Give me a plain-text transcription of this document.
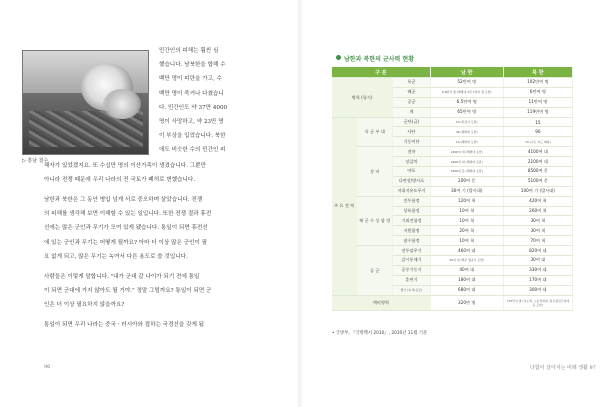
▷ 흥남 철수
민간인의 피해는 훨씬 심
했습니다. 남북한을 합해 수
백만 명이 피란을 가고, 수
백만 명이 죽거나 다쳤습니
다. 민간인도 약 37만 4000
명이 사망하고, 약 23만 명
이 부상을 입었습니다. 북한
에도 비슷한 수의 민간인 피
해자가 있었겠지요. 또 수십만 명의 이산가족이 생겼습니다. 그뿐만
아니라 전쟁 때문에 우리 나라의 전 국토가 폐허로 변했습니다.
남한과 북한은 그 동안 병입 넘게 서로 중오하며 살았습니다. 전쟁
의 피해를 생각해 보면 이해할 수 있는 일입니다. 또한 전쟁 결과 휴전
선에는 많은 군인과 무기가 모여 있게 됐습니다. 통일이 되면 휴전선
에 있는 군인과 무기는 어떻게 될까요? 아마 더 이상 많은 군인이 필
요 없게 되고, 많은 무기는 녹여서 다른 용도로 쓸 것입니다.
사람들은 이렇게 말합니다. "내가 군대 갈 나이가 되기 전에 통일
이 되면 군대에 가지 않아도 될 거야." 정말 그럴까요? 통일이 되면 군
인은 더 이상 필요하지 않을까요?
통일이 되면 우리 나라는 중국 · 러시아와 접하는 국경선을 갖게 됩
96
남한과 북한의 군사력 현황
구 분			남 한	북 한
병력 (평시)		육군	52만여 명	102만여 명
		해군	6.8만여 명 (해병대 2만 7천여 명 포함)	6만여 명
		공군	6.5만여 명	11만여 명
		계	65만여 명	119만여 명
주 요 전 력	육 군 부 대	군단(급)	10 (특전사 포함)	15
		사단	46 (해병대 포함)	90
		기동여단	14 (해병대 포함)	70 (교도 지도 제외)
	장 비	전차	2400여 대 (해병대 포함)	4100여 대
		장갑차	2600여 대 (해병대 포함)	2100여 대
		야포	5200여 문 (해병대 포함)	8500여 문
		다련장/방사포	200여 문	5100여 문
		지대지유도무기	30여 기 (발사대)	100여 기 (발사대)
	해 군 수 상 함 정	전투함정	120여 척	420여 척
		상륙함정	10여 척	260여 척
		기뢰전함정	10여 척	30여 척
		지원함정	20여 척	30여 척
		잠수함정	10여 척	70여 척
	공 군	전투임무기	460여 대	820여 대
		감시통제기	50여 대 (해군 항공기 포함)	30여 대
		공중기동기	40여 대	330여 대
		훈련기	180여 대	170여 대
		헬기 (육·해·공군)	680여 대	300여 대
예비병력			320만 명	770만여 명 (교도대, 노농적위대, 붉은청년근위대 등 포함)
• 국방부, 『국방백서 2010』, 2010년 11월 기준
다함이 살아지는 미래 생활 97
